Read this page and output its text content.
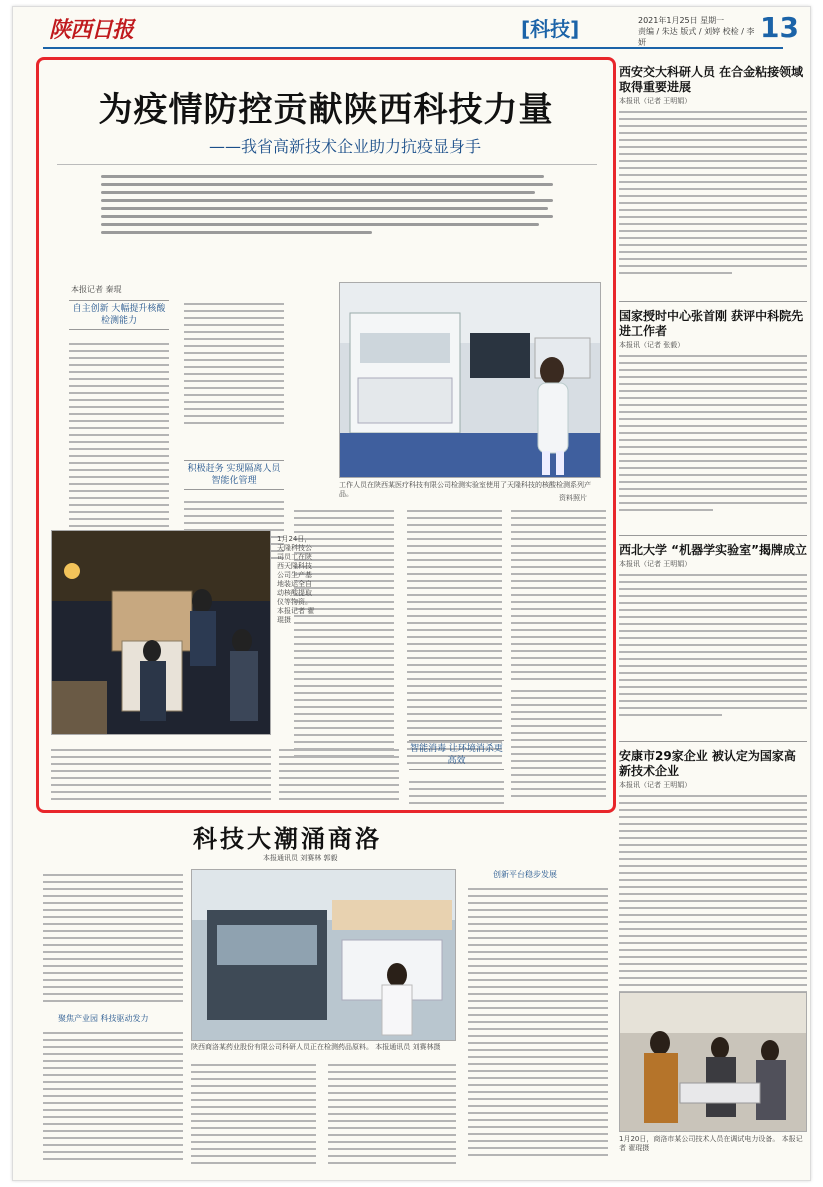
陕西日报	[科技]	2021年1月25日 星期一
责编 / 朱达 版式 / 刘婷 校检 / 李妍	13
为疫情防控贡献陕西科技力量
——我省高新技术企业助力抗疫显身手
本报记者 秦琨
自主创新 大幅提升核酸检测能力
积极赶务 实现隔离人员智能化管理	工作人员在陕西某医疗科技有限公司检测实验室使用了天隆科技的核酸检测系列产品。	资料照片
智能消毒 让环境消杀更高效
1月24日，天隆科技公司员工在陕西天隆科技公司生产基地装运全自动核酸提取仪等物资。 本报记者 翟琨摄
西安交大科研人员 在合金粘接领域取得重要进展
本报讯（记者 王明娟）
国家授时中心张首刚 获评中科院先进工作者
本报讯（记者 张毅）
西北大学 “机器学实验室”揭牌成立
本报讯（记者 王明娟）
安康市29家企业 被认定为国家高新技术企业
本报讯（记者 王明娟）
1月20日，商洛市某公司技术人员在调试电力设备。 本报记者 翟琨摄
科技大潮涌商洛
本报通讯员 刘赛林 郭毅
聚焦产业园 科技驱动发力
陕西商洛某药业股份有限公司科研人员正在检测药品原料。 本报通讯员 刘赛林摄
创新平台稳步发展
